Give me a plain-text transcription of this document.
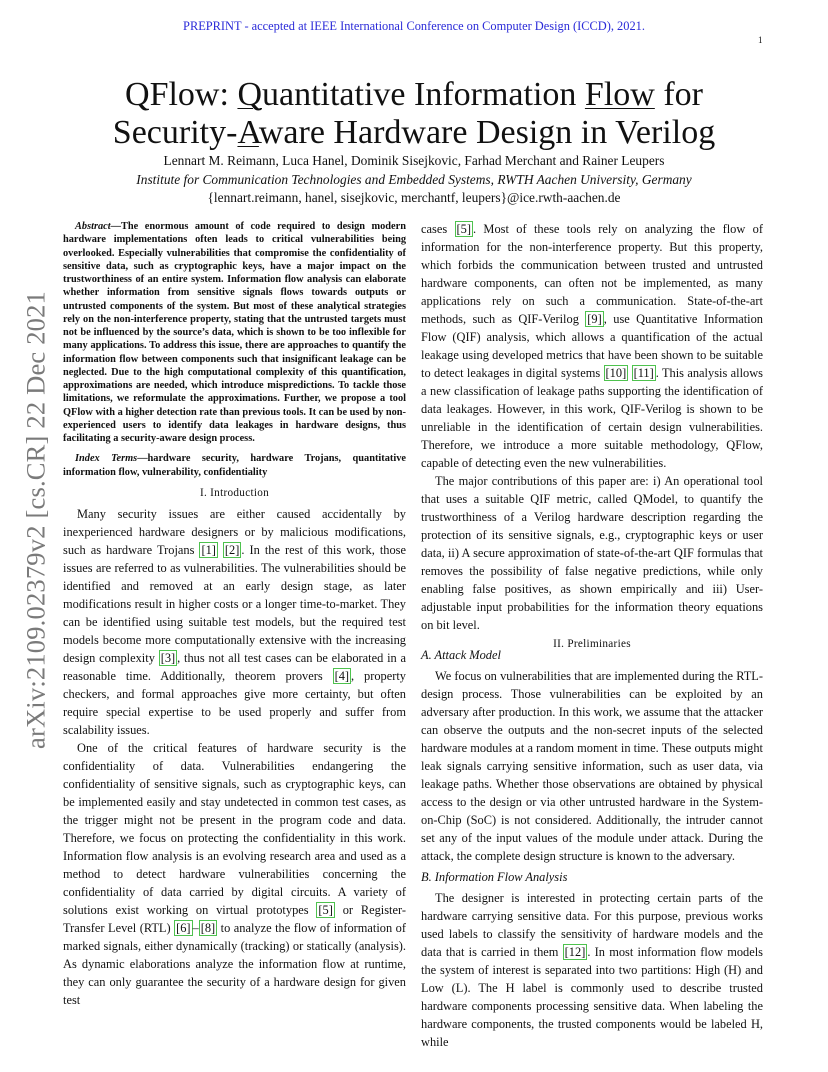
PREPRINT - accepted at IEEE International Conference on Computer Design (ICCD), 2021.
1
arXiv:2109.02379v2 [cs.CR] 22 Dec 2021
QFlow: Quantitative Information Flow for
Security-Aware Hardware Design in Verilog
Lennart M. Reimann, Luca Hanel, Dominik Sisejkovic, Farhad Merchant and Rainer Leupers
Institute for Communication Technologies and Embedded Systems, RWTH Aachen University, Germany
{lennart.reimann, hanel, sisejkovic, merchantf, leupers}@ice.rwth-aachen.de

Abstract—The enormous amount of code required to design modern hardware implementations often leads to critical vulnerabilities being overlooked. Especially vulnerabilities that compromise the confidentiality of sensitive data, such as cryptographic keys, have a major impact on the trustworthiness of an entire system. Information flow analysis can elaborate whether information from sensitive signals flows towards outputs or untrusted components of the system. But most of these analytical strategies rely on the non-interference property, stating that the untrusted targets must not be influenced by the source’s data, which is shown to be too inflexible for many applications. To address this issue, there are approaches to quantify the information flow between components such that insignificant leakage can be neglected. Due to the high computational complexity of this quantification, approximations are needed, which introduce mispredictions. To tackle those limitations, we reformulate the approximations. Further, we propose a tool QFlow with a higher detection rate than previous tools. It can be used by non-experienced users to identify data leakages in hardware designs, thus facilitating a security-aware design process.

Index Terms—hardware security, hardware Trojans, quantitative information flow, vulnerability, confidentiality

I. Introduction

Many security issues are either caused accidentally by inexperienced hardware designers or by malicious modifications, such as hardware Trojans [1] [2] . In the rest of this work, those issues are referred to as vulnerabilities. The vulnerabilities should be identified and removed at an early design stage, as later modifications result in higher costs or a longer time-to-market. They can be identified using suitable test models, but the required test models become more computationally extensive with the increasing design complexity [3] , thus not all test cases can be elaborated in a reasonable time. Additionally, theorem provers [4] , property checkers, and formal approaches give more certainty, but often require special expertise to be used properly and suffer from scalability issues.

One of the critical features of hardware security is the confidentiality of data. Vulnerabilities endangering the confidentiality of sensitive signals, such as cryptographic keys, can be implemented easily and stay undetected in common test cases, as the trigger might not be present in the program code and data. Therefore, we focus on protecting the confidentiality in this work. Information flow analysis is an evolving research area and used as a method to detect hardware vulnerabilities concerning the confidentiality of data carried by digital circuits. A variety of solutions exist working on virtual prototypes [5] or Register-Transfer Level (RTL) [6] – [8] to analyze the flow of information of marked signals, either dynamically (tracking) or statically (analysis). As dynamic elaborations analyze the information flow at runtime, they can only guarantee the security of a hardware design for given test

cases [5] . Most of these tools rely on analyzing the flow of information for the non-interference property. But this property, which forbids the communication between trusted and untrusted hardware components, can often not be implemented, as many applications rely on such a communication. State-of-the-art methods, such as QIF-Verilog [9] , use Quantitative Information Flow (QIF) analysis, which allows a quantification of the actual leakage using developed metrics that have been shown to be suitable to detect leakages in digital systems [10] [11] . This analysis allows a new classification of leakage paths supporting the identification of data leakages. However, in this work, QIF-Verilog is shown to be unreliable in the identification of certain design vulnerabilities. Therefore, we introduce a more suitable methodology, QFlow, capable of detecting even the new vulnerabilities.

The major contributions of this paper are: i) An operational tool that uses a suitable QIF metric, called QModel, to quantify the trustworthiness of a Verilog hardware description regarding the protection of its sensitive signals, e.g., cryptographic keys or user data, ii) A secure approximation of state-of-the-art QIF formulas that removes the possibility of false negative predictions, while only enabling false positives, as shown empirically and iii) User-adjustable input probabilities for the information theory equations on bit level.

II. Preliminaries
A. Attack Model

We focus on vulnerabilities that are implemented during the RTL-design process. Those vulnerabilities can be exploited by an adversary after production. In this work, we assume that the attacker can observe the outputs and the non-secret inputs of the selected hardware modules at a random moment in time. These outputs might leak signals carrying sensitive information, such as user data, via leakage paths. Whether those observations are obtained by physical access to the design or via other untrusted hardware in the System-on-Chip (SoC) is not considered. Additionally, the intruder cannot set any of the input values of the module under attack. During the attack, the complete design structure is known to the adversary.

B. Information Flow Analysis

The designer is interested in protecting certain parts of the hardware carrying sensitive data. For this purpose, previous works used labels to classify the sensitivity of hardware models and the data that is carried in them [12] . In most information flow models the system of interest is separated into two partitions: High (H) and Low (L). The H label is commonly used to describe trusted hardware components processing sensitive data. When labeling the hardware components, the trusted components would be labeled H, while
